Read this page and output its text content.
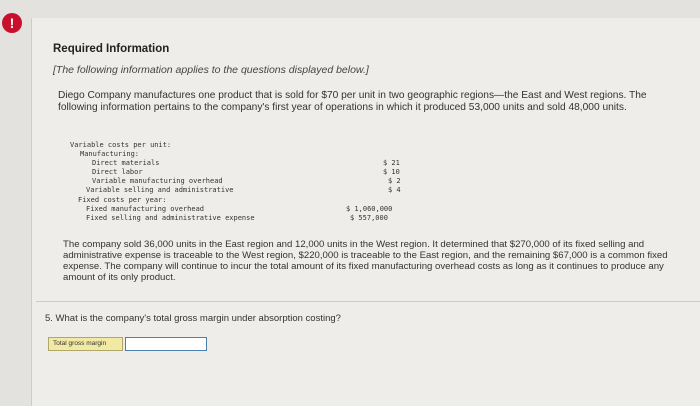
!
Required Information
[The following information applies to the questions displayed below.]
Diego Company manufactures one product that is sold for $70 per unit in two geographic regions—the East and West regions. The following information pertains to the company's first year of operations in which it produced 53,000 units and sold 48,000 units.
Variable costs per unit:
Manufacturing:
Direct materials	$ 21
Direct labor	$ 10
Variable manufacturing overhead	$ 2
Variable selling and administrative	$ 4
Fixed costs per year:
Fixed manufacturing overhead	$ 1,060,000
Fixed selling and administrative expense	$ 557,000
The company sold 36,000 units in the East region and 12,000 units in the West region. It determined that $270,000 of its fixed selling and administrative expense is traceable to the West region, $220,000 is traceable to the East region, and the remaining $67,000 is a common fixed expense. The company will continue to incur the total amount of its fixed manufacturing overhead costs as long as it continues to produce any amount of its only product.
5. What is the company's total gross margin under absorption costing?
Total gross margin
